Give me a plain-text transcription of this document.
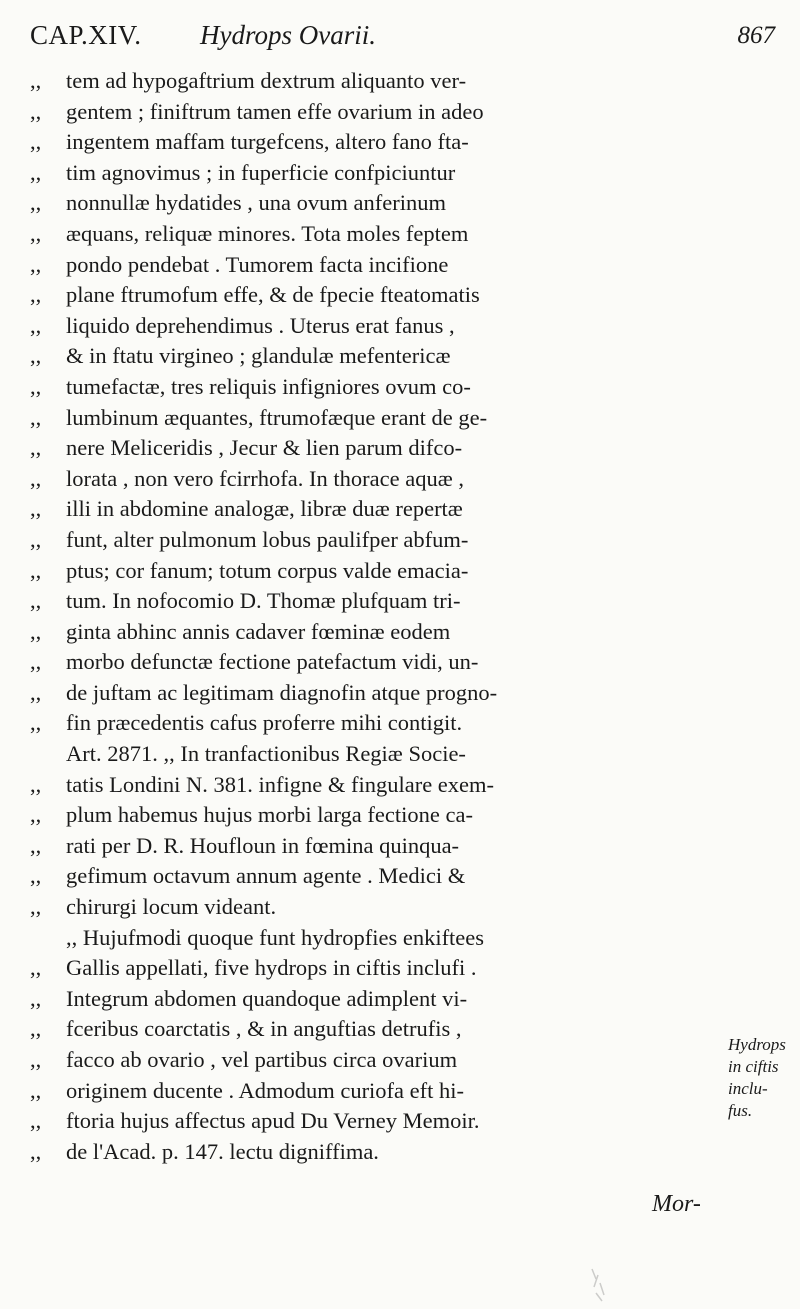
CAP.XIV. Hydrops Ovarii.	867
,, tem ad hypogaftrium dextrum aliquanto ver-
,, gentem ; finiftrum tamen effe ovarium in adeo
,, ingentem maffam turgefcens, altero fano fta-
,, tim agnovimus ; in fuperficie confpiciuntur
,, nonnullæ hydatides , una ovum anferinum
,, æquans, reliquæ minores. Tota moles feptem
,, pondo pendebat . Tumorem facta incifione
,, plane ftrumofum effe, & de fpecie fteatomatis
,, liquido deprehendimus . Uterus erat fanus ,
,, & in ftatu virgineo ; glandulæ mefentericæ
,, tumefactæ, tres reliquis infigniores ovum co-
,, lumbinum æquantes, ftrumofæque erant de ge-
,, nere Meliceridis , Jecur & lien parum difco-
,, lorata , non vero fcirrhofa. In thorace aquæ ,
,, illi in abdomine analogæ, libræ duæ repertæ
,, funt, alter pulmonum lobus paulifper abfum-
,, ptus; cor fanum; totum corpus valde emacia-
,, tum. In nofocomio D. Thomæ plufquam tri-
,, ginta abhinc annis cadaver fœminæ eodem
,, morbo defunctæ fectione patefactum vidi, un-
,, de juftam ac legitimam diagnofin atque progno-
,, fin præcedentis cafus proferre mihi contigit.
Art. 2871. ,, In tranfactionibus Regiæ Socie-
,, tatis Londini N. 381. infigne & fingulare exem-
,, plum habemus hujus morbi larga fectione ca-
,, rati per D. R. Houfloun in fœmina quinqua-
,, gefimum octavum annum agente . Medici &
,, chirurgi locum videant.
,, Hujufmodi quoque funt hydropfies enkiftees
,, Gallis appellati, five hydrops in ciftis inclufi .
,, Integrum abdomen quandoque adimplent vi-
,, fceribus coarctatis , & in anguftias detrufis ,
,, facco ab ovario , vel partibus circa ovarium
,, originem ducente . Admodum curiofa eft hi-
,, ftoria hujus affectus apud Du Verney Memoir.
,, de l'Acad. p. 147. lectu digniffima.
Hydrops
in ciftis
inclu-
fus.
Mor-
